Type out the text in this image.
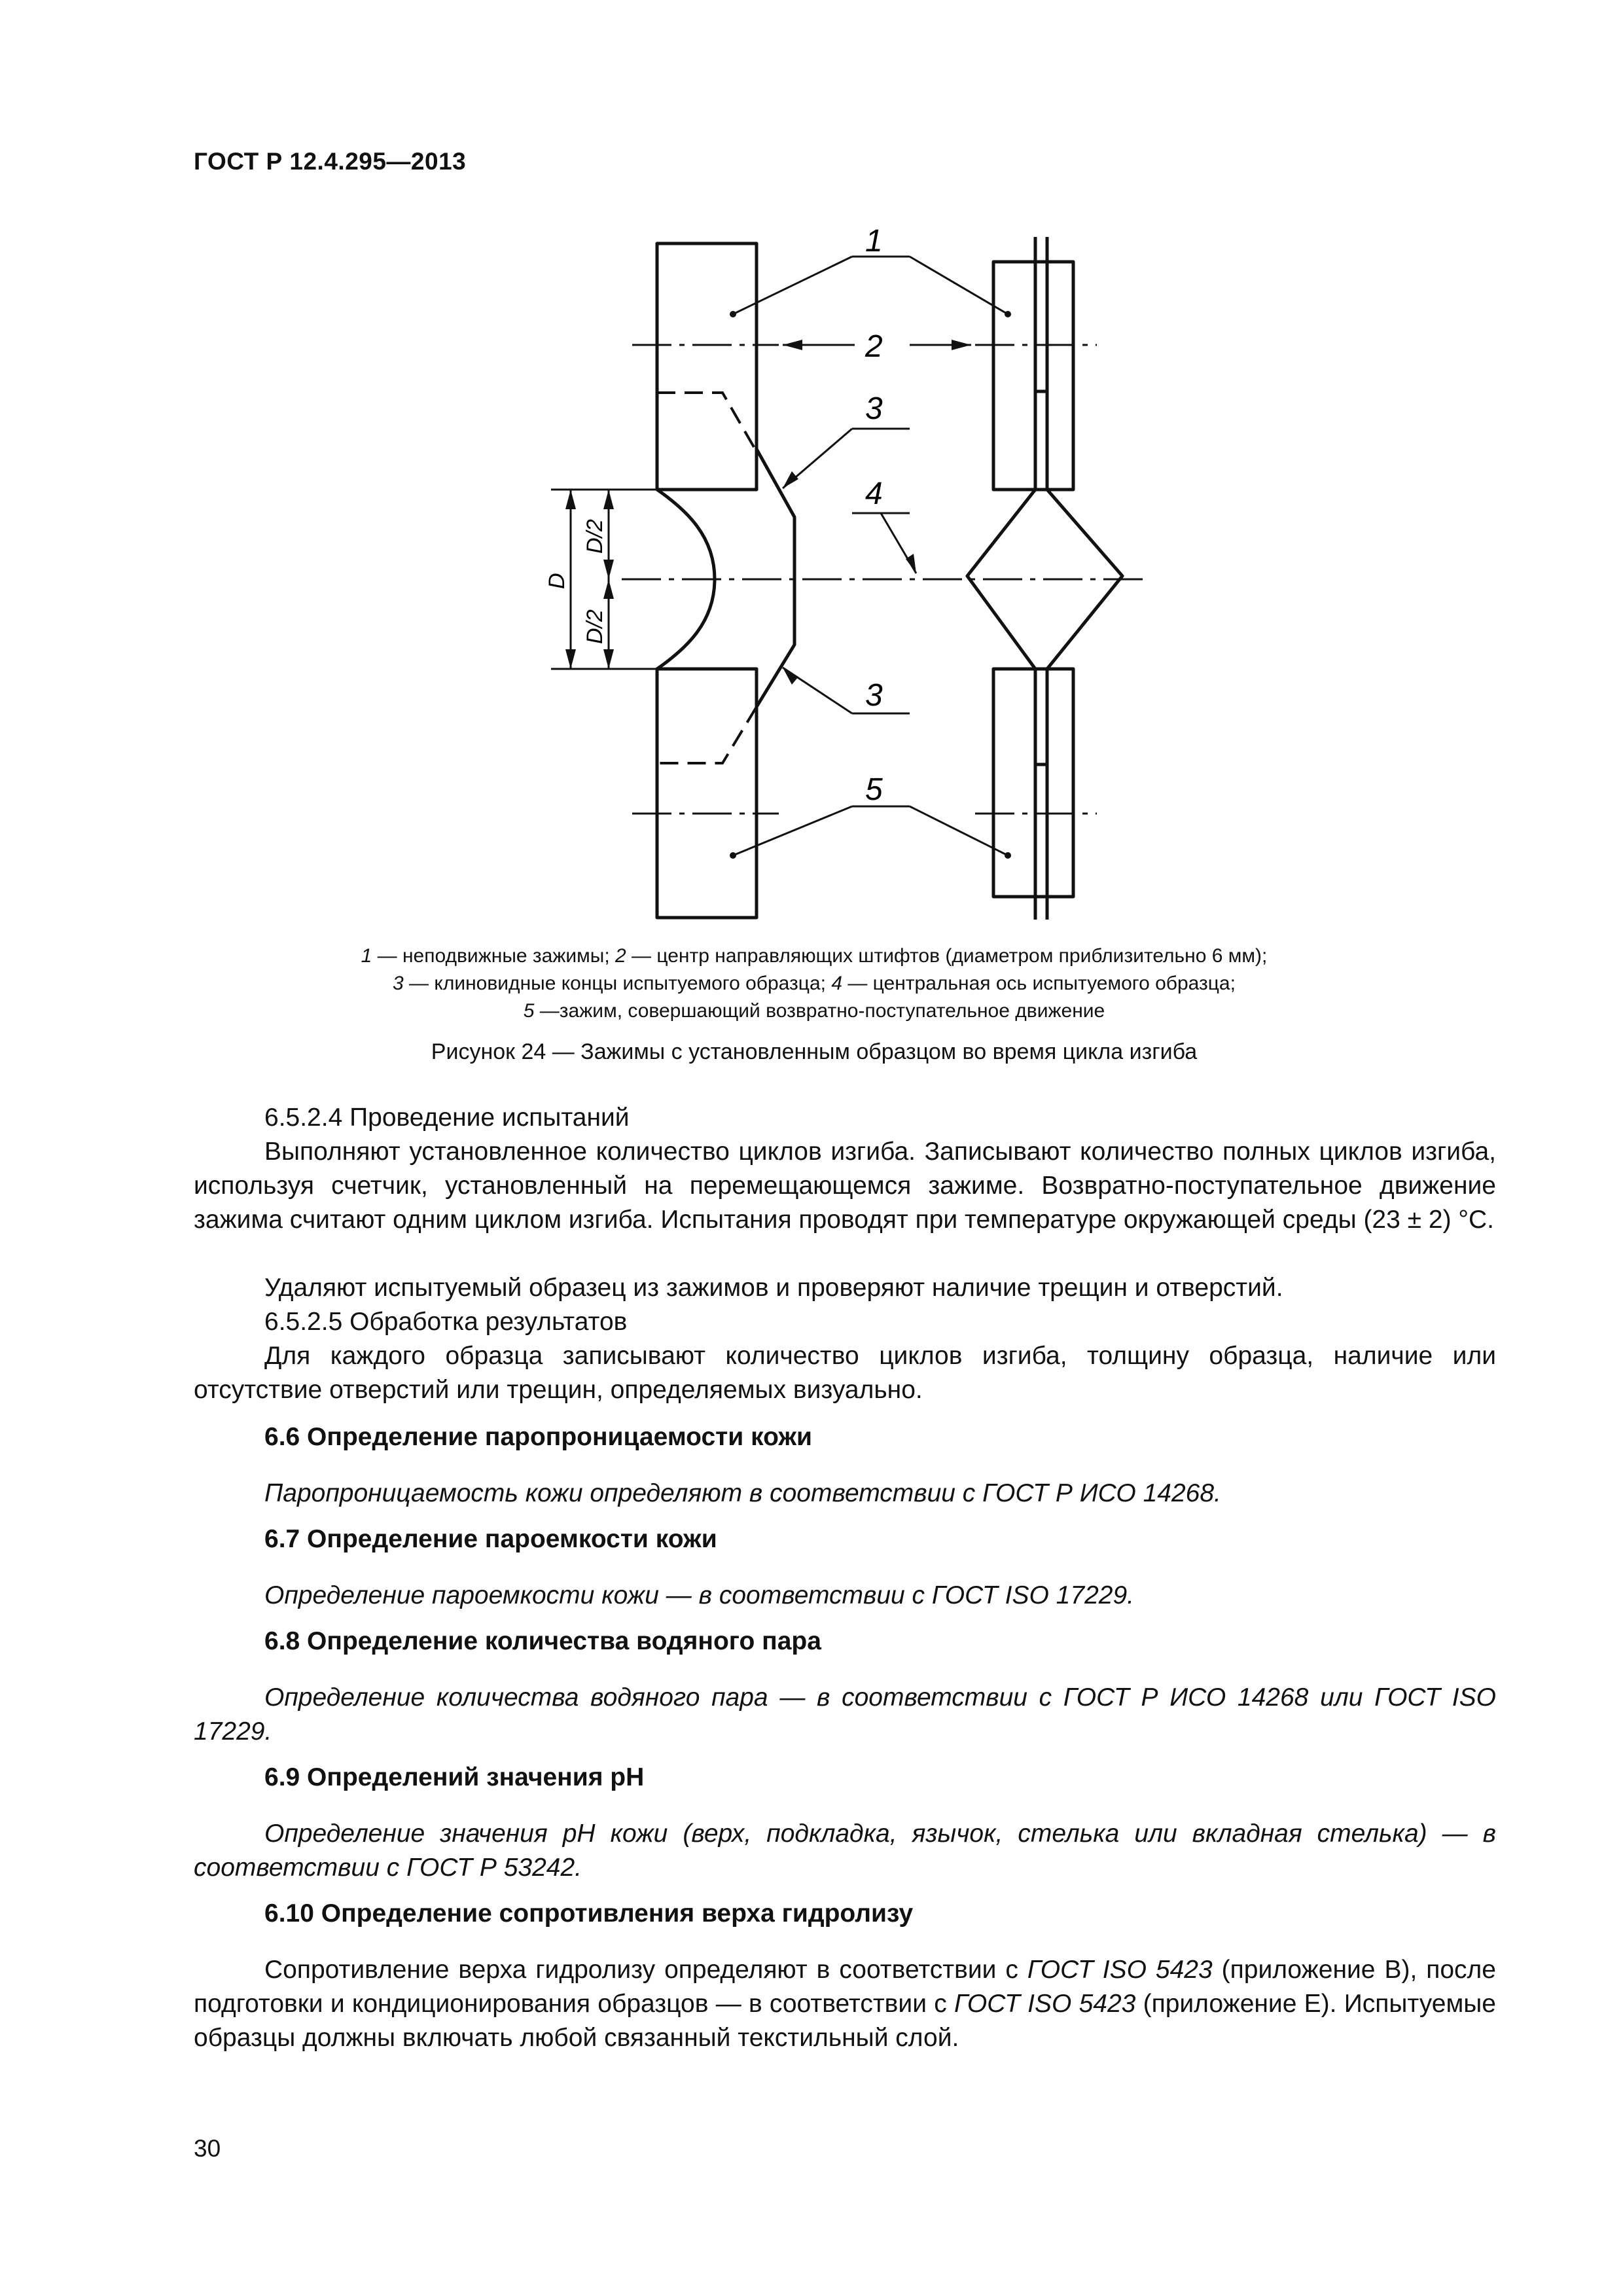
ГОСТ Р 12.4.295—2013
1
2
3
4
3
5
D
D/2
D/2
1 — неподвижные зажимы; 2 — центр направляющих штифтов (диаметром приблизительно 6 мм);
3 — клиновидные концы испытуемого образца; 4 — центральная ось испытуемого образца;
5 —зажим, совершающий возвратно-поступательное движение
Рисунок 24 — Зажимы с установленным образцом во время цикла изгиба
6.5.2.4 Проведение испытаний
Выполняют установленное количество циклов изгиба. Записывают количество полных циклов изгиба, используя счетчик, установленный на перемещающемся зажиме. Возвратно-поступательное движение зажима считают одним циклом изгиба. Испытания проводят при температуре окружающей среды (23 ± 2) °С.
Удаляют испытуемый образец из зажимов и проверяют наличие трещин и отверстий.
6.5.2.5 Обработка результатов
Для каждого образца записывают количество циклов изгиба, толщину образца, наличие или отсутствие отверстий или трещин, определяемых визуально.
6.6 Определение паропроницаемости кожи
Паропроницаемость кожи определяют в соответствии с ГОСТ Р ИСО 14268.
6.7 Определение пароемкости кожи
Определение пароемкости кожи — в соответствии с ГОСТ ISO 17229.
6.8 Определение количества водяного пара
Определение количества водяного пара — в соответствии с ГОСТ Р ИСО 14268 или ГОСТ ISO 17229.
6.9 Определений значения pH
Определение значения pH кожи (верх, подкладка, язычок, стелька или вкладная стелька) — в соответствии с ГОСТ Р 53242.
6.10 Определение сопротивления верха гидролизу
Сопротивление верха гидролизу определяют в соответствии с ГОСТ ISO 5423 (приложение В), после подготовки и кондиционирования образцов — в соответствии с ГОСТ ISO 5423 (приложение Е). Испытуемые образцы должны включать любой связанный текстильный слой.
30
